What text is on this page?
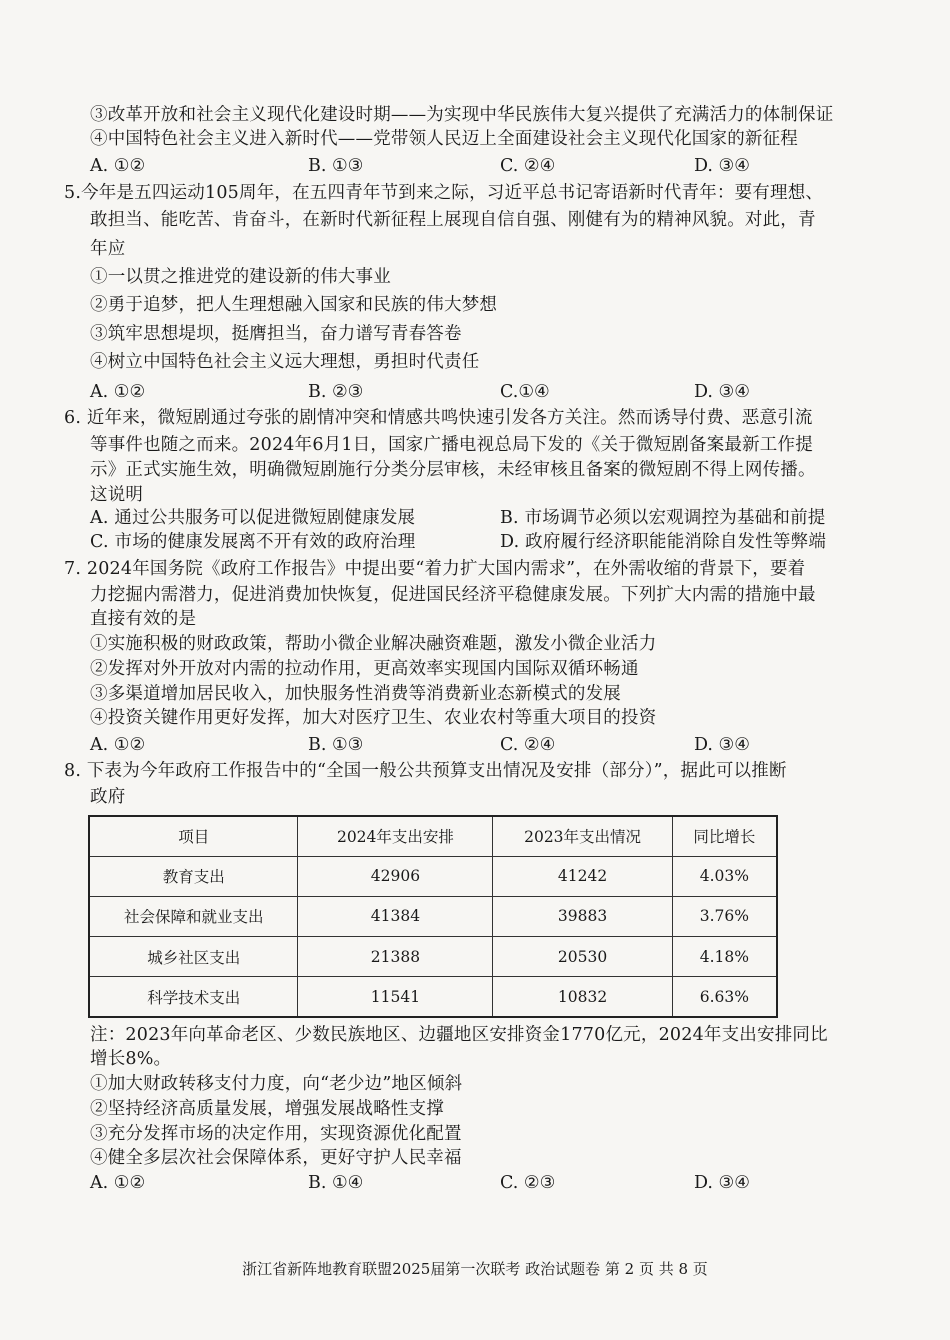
③改革开放和社会主义现代化建设时期——为实现中华民族伟大复兴提供了充满活力的体制保证
④中国特色社会主义进入新时代——党带领人民迈上全面建设社会主义现代化国家的新征程
A. ①②	B. ①③	C. ②④	D. ③④
5.今年是五四运动105周年，在五四青年节到来之际，习近平总书记寄语新时代青年：要有理想、
敢担当、能吃苦、肯奋斗，在新时代新征程上展现自信自强、刚健有为的精神风貌。对此，青
年应
①一以贯之推进党的建设新的伟大事业
②勇于追梦，把人生理想融入国家和民族的伟大梦想
③筑牢思想堤坝，挺膺担当，奋力谱写青春答卷
④树立中国特色社会主义远大理想，勇担时代责任
A. ①②	B. ②③	C.①④	D. ③④
6. 近年来，微短剧通过夸张的剧情冲突和情感共鸣快速引发各方关注。然而诱导付费、恶意引流
等事件也随之而来。2024年6月1日，国家广播电视总局下发的《关于微短剧备案最新工作提
示》正式实施生效，明确微短剧施行分类分层审核，未经审核且备案的微短剧不得上网传播。
这说明
A. 通过公共服务可以促进微短剧健康发展	B. 市场调节必须以宏观调控为基础和前提
C. 市场的健康发展离不开有效的政府治理	D. 政府履行经济职能能消除自发性等弊端
7. 2024年国务院《政府工作报告》中提出要“着力扩大国内需求”，在外需收缩的背景下，要着
力挖掘内需潜力，促进消费加快恢复，促进国民经济平稳健康发展。下列扩大内需的措施中最
直接有效的是
①实施积极的财政政策，帮助小微企业解决融资难题，激发小微企业活力
②发挥对外开放对内需的拉动作用，更高效率实现国内国际双循环畅通
③多渠道增加居民收入，加快服务性消费等消费新业态新模式的发展
④投资关键作用更好发挥，加大对医疗卫生、农业农村等重大项目的投资
A. ①②	B. ①③	C. ②④	D. ③④
8. 下表为今年政府工作报告中的“全国一般公共预算支出情况及安排（部分）”，据此可以推断
政府
项目	2024年支出安排	2023年支出情况	同比增长
教育支出	42906	41242	4.03%
社会保障和就业支出	41384	39883	3.76%
城乡社区支出	21388	20530	4.18%
科学技术支出	11541	10832	6.63%
注：2023年向革命老区、少数民族地区、边疆地区安排资金1770亿元，2024年支出安排同比
增长8%。
①加大财政转移支付力度，向“老少边”地区倾斜
②坚持经济高质量发展，增强发展战略性支撑
③充分发挥市场的决定作用，实现资源优化配置
④健全多层次社会保障体系，更好守护人民幸福
A. ①②	B. ①④	C. ②③	D. ③④
浙江省新阵地教育联盟2025届第一次联考 政治试题卷 第 2 页 共 8 页
